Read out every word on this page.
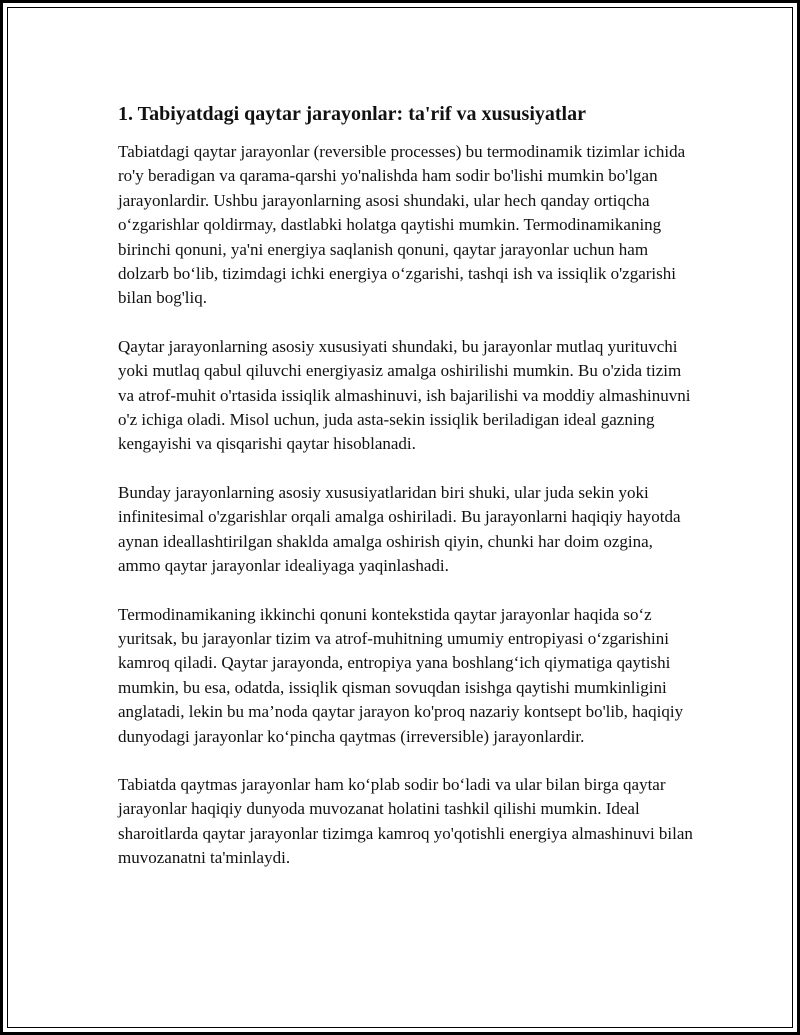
1. Tabiyatdagi qaytar jarayonlar: ta'rif va xususiyatlar

Tabiatdagi qaytar jarayonlar (reversible processes) bu termodinamik tizimlar ichida ro'y beradigan va qarama-qarshi yo'nalishda ham sodir bo'lishi mumkin bo'lgan jarayonlardir. Ushbu jarayonlarning asosi shundaki, ular hech qanday ortiqcha o‘zgarishlar qoldirmay, dastlabki holatga qaytishi mumkin. Termodinamikaning birinchi qonuni, ya'ni energiya saqlanish qonuni, qaytar jarayonlar uchun ham dolzarb bo‘lib, tizimdagi ichki energiya o‘zgarishi, tashqi ish va issiqlik o'zgarishi bilan bog'liq.

Qaytar jarayonlarning asosiy xususiyati shundaki, bu jarayonlar mutlaq yurituvchi yoki mutlaq qabul qiluvchi energiyasiz amalga oshirilishi mumkin. Bu o'zida tizim va atrof-muhit o'rtasida issiqlik almashinuvi, ish bajarilishi va moddiy almashinuvni o'z ichiga oladi. Misol uchun, juda asta-sekin issiqlik beriladigan ideal gazning kengayishi va qisqarishi qaytar hisoblanadi.

Bunday jarayonlarning asosiy xususiyatlaridan biri shuki, ular juda sekin yoki infinitesimal o'zgarishlar orqali amalga oshiriladi. Bu jarayonlarni haqiqiy hayotda aynan ideallashtirilgan shaklda amalga oshirish qiyin, chunki har doim ozgina, ammo qaytar jarayonlar idealiyaga yaqinlashadi.

Termodinamikaning ikkinchi qonuni kontekstida qaytar jarayonlar haqida so‘z yuritsak, bu jarayonlar tizim va atrof-muhitning umumiy entropiyasi o‘zgarishini kamroq qiladi. Qaytar jarayonda, entropiya yana boshlang‘ich qiymatiga qaytishi mumkin, bu esa, odatda, issiqlik qisman sovuqdan isishga qaytishi mumkinligini anglatadi, lekin bu ma’noda qaytar jarayon ko'proq nazariy kontsept bo'lib, haqiqiy dunyodagi jarayonlar ko‘pincha qaytmas (irreversible) jarayonlardir.

Tabiatda qaytmas jarayonlar ham ko‘plab sodir bo‘ladi va ular bilan birga qaytar jarayonlar haqiqiy dunyoda muvozanat holatini tashkil qilishi mumkin. Ideal sharoitlarda qaytar jarayonlar tizimga kamroq yo'qotishli energiya almashinuvi bilan muvozanatni ta'minlaydi.
